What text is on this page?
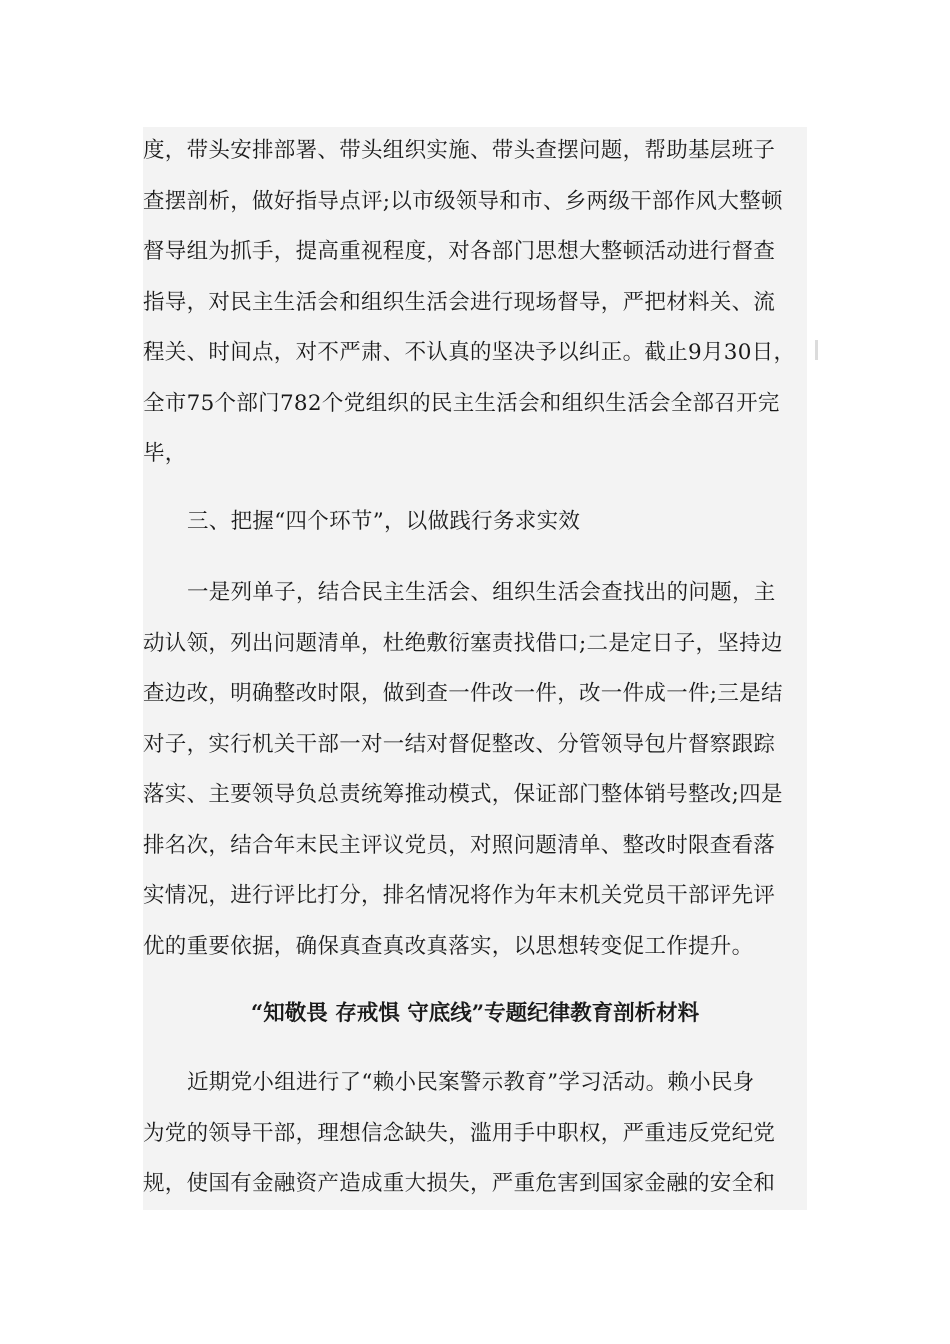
度，带头安排部署、带头组织实施、带头查摆问题，帮助基层班子
查摆剖析，做好指导点评;以市级领导和市、乡两级干部作风大整顿
督导组为抓手，提高重视程度，对各部门思想大整顿活动进行督查
指导，对民主生活会和组织生活会进行现场督导，严把材料关、流
程关、时间点，对不严肃、不认真的坚决予以纠正。截止9月30日，
全市75个部门782个党组织的民主生活会和组织生活会全部召开完
毕，
三、把握“四个环节”，以做践行务求实效
一是列单子，结合民主生活会、组织生活会查找出的问题，主
动认领，列出问题清单，杜绝敷衍塞责找借口;二是定日子，坚持边
查边改，明确整改时限，做到查一件改一件，改一件成一件;三是结
对子，实行机关干部一对一结对督促整改、分管领导包片督察跟踪
落实、主要领导负总责统筹推动模式，保证部门整体销号整改;四是
排名次，结合年末民主评议党员，对照问题清单、整改时限查看落
实情况，进行评比打分，排名情况将作为年末机关党员干部评先评
优的重要依据，确保真查真改真落实，以思想转变促工作提升。
“知敬畏 存戒惧 守底线”专题纪律教育剖析材料
近期党小组进行了“赖小民案警示教育”学习活动。赖小民身
为党的领导干部，理想信念缺失，滥用手中职权，严重违反党纪党
规，使国有金融资产造成重大损失，严重危害到国家金融的安全和
